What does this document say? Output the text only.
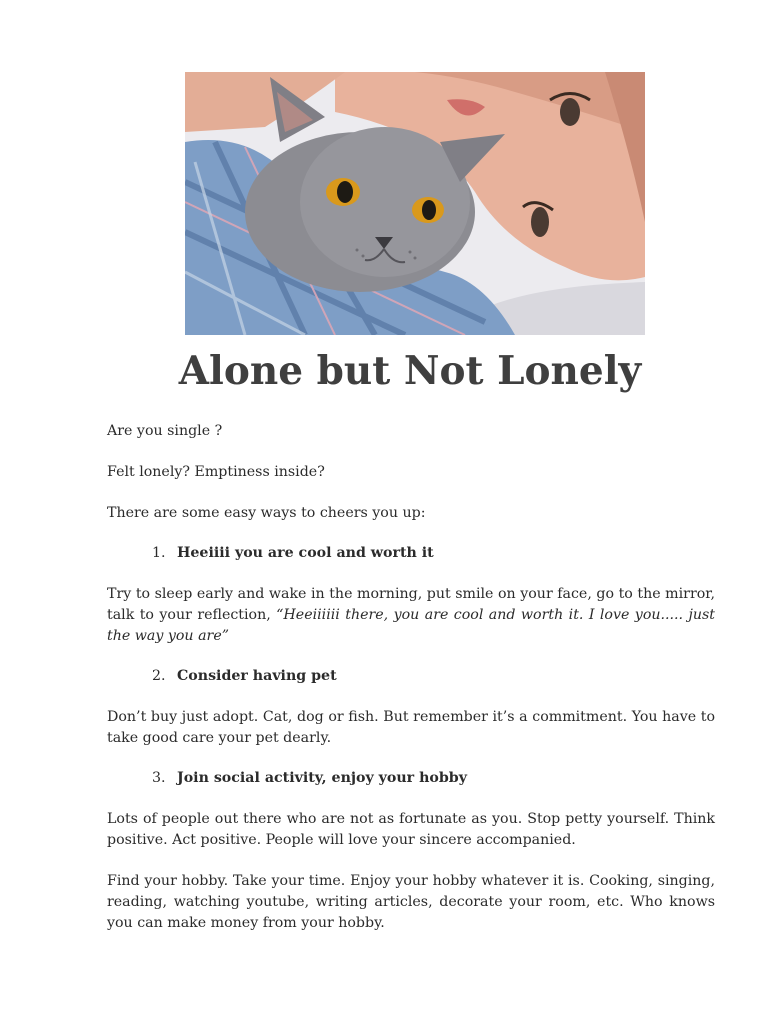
Alone but Not Lonely
Are you single ?
Felt lonely? Emptiness inside?
There are some easy ways to cheers you up:
1. Heeiiii you are cool and worth it
Try to sleep early and wake in the morning, put smile on your face, go to the mirror, talk to your reflection, “Heeiiiiii there, you are cool and worth it. I love you..... just the way you are”
2. Consider having pet
Don’t buy just adopt. Cat, dog or fish. But remember it’s a commitment. You have to take good care your pet dearly.
3. Join social activity, enjoy your hobby
Lots of people out there who are not as fortunate as you. Stop petty yourself. Think positive. Act positive. People will love your sincere accompanied.
Find your hobby. Take your time. Enjoy your hobby whatever it is. Cooking, singing, reading, watching youtube, writing articles, decorate your room, etc. Who knows you can make money from your hobby.
